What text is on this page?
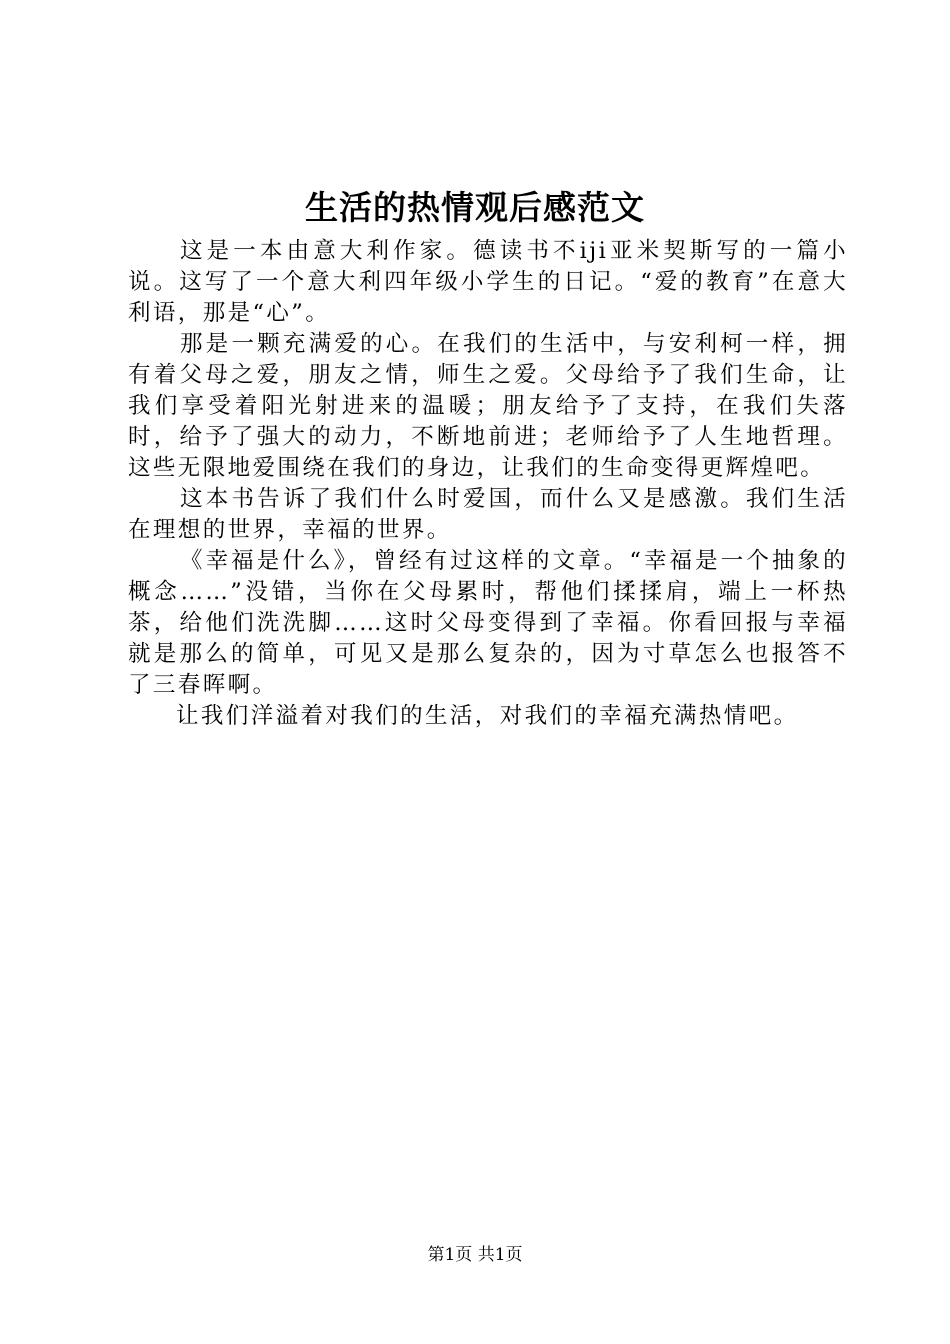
生活的热情观后感范文

这是一本由意大利作家。德读书不iji亚米契斯写的一篇小说。这写了一个意大利四年级小学生的日记。“爱的教育”在意大利语，那是“心”。

那是一颗充满爱的心。在我们的生活中，与安利柯一样，拥有着父母之爱，朋友之情，师生之爱。父母给予了我们生命，让我们享受着阳光射进来的温暖；朋友给予了支持，在我们失落时，给予了强大的动力，不断地前进；老师给予了人生地哲理。这些无限地爱围绕在我们的身边，让我们的生命变得更辉煌吧。

这本书告诉了我们什么时爱国，而什么又是感激。我们生活在理想的世界，幸福的世界。

《幸福是什么》，曾经有过这样的文章。“幸福是一个抽象的概念……”没错，当你在父母累时，帮他们揉揉肩，端上一杯热茶，给他们洗洗脚……这时父母变得到了幸福。你看回报与幸福就是那么的简单，可见又是那么复杂的，因为寸草怎么也报答不了三春晖啊。

让我们洋溢着对我们的生活，对我们的幸福充满热情吧。

第1页 共1页
